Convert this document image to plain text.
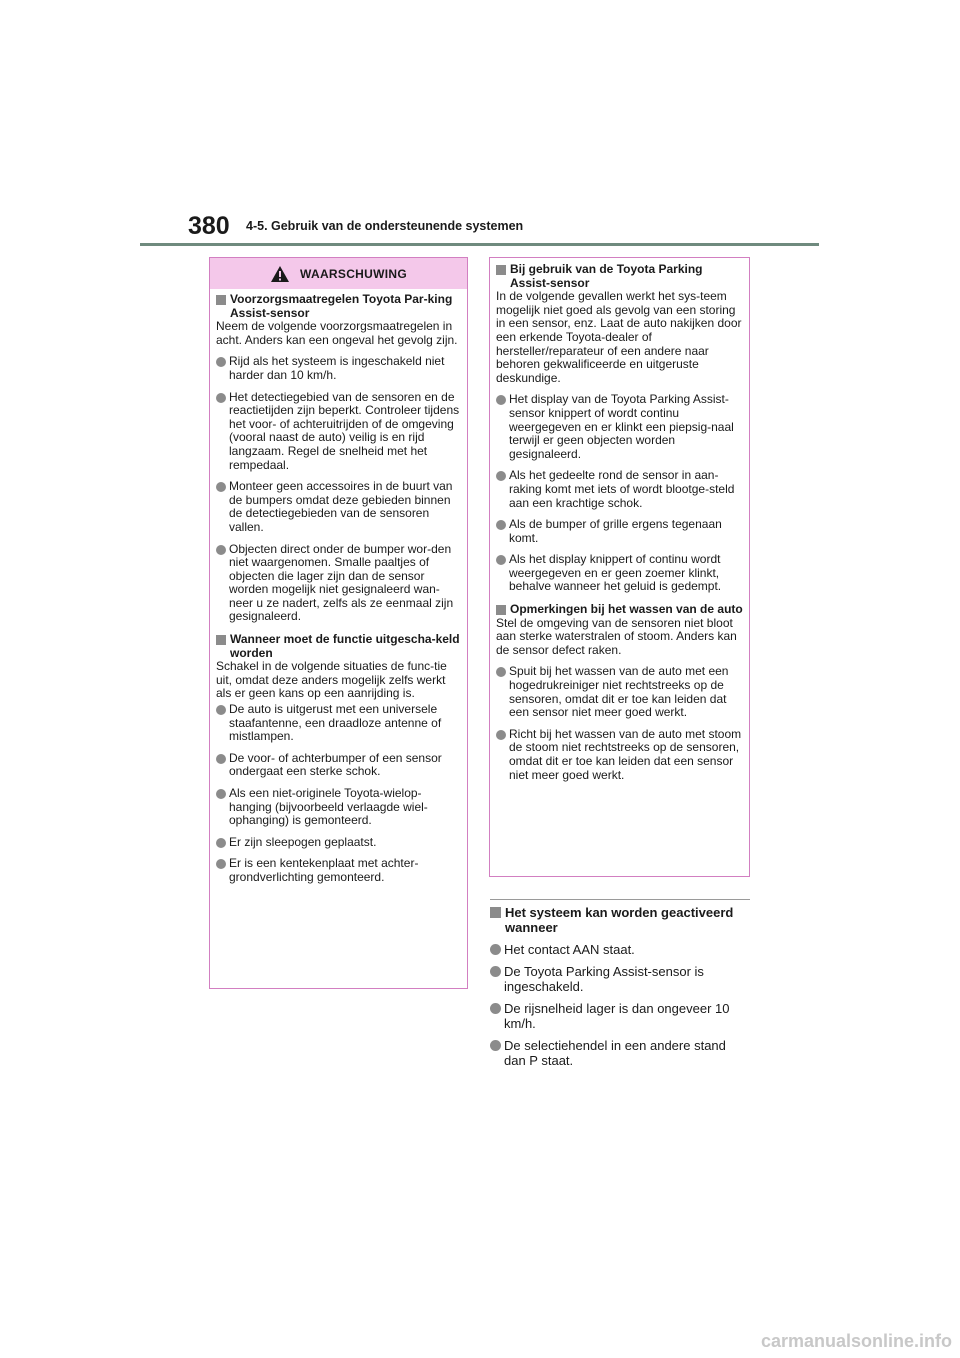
380 4-5. Gebruik van de ondersteunende systemen
WAARSCHUWING
Voorzorgsmaatregelen Toyota Par-king Assist-sensor
Neem de volgende voorzorgsmaatregelen in acht. Anders kan een ongeval het gevolg zijn.
Rijd als het systeem is ingeschakeld niet harder dan 10 km/h.
Het detectiegebied van de sensoren en de reactietijden zijn beperkt. Controleer tijdens het voor- of achteruitrijden of de omgeving (vooral naast de auto) veilig is en rijd langzaam. Regel de snelheid met het rempedaal.
Monteer geen accessoires in de buurt van de bumpers omdat deze gebieden binnen de detectiegebieden van de sensoren vallen.
Objecten direct onder de bumper wor-den niet waargenomen. Smalle paaltjes of objecten die lager zijn dan de sensor worden mogelijk niet gesignaleerd wan-neer u ze nadert, zelfs als ze eenmaal zijn gesignaleerd.
Wanneer moet de functie uitgescha-keld worden
Schakel in de volgende situaties de func-tie uit, omdat deze anders mogelijk zelfs werkt als er geen kans op een aanrijding is.
De auto is uitgerust met een universele staafantenne, een draadloze antenne of mistlampen.
De voor- of achterbumper of een sensor ondergaat een sterke schok.
Als een niet-originele Toyota-wielop-hanging (bijvoorbeeld verlaagde wiel-ophanging) is gemonteerd.
Er zijn sleepogen geplaatst.
Er is een kentekenplaat met achter-grondverlichting gemonteerd.
Bij gebruik van de Toyota Parking Assist-sensor
In de volgende gevallen werkt het sys-teem mogelijk niet goed als gevolg van een storing in een sensor, enz. Laat de auto nakijken door een erkende Toyota-dealer of hersteller/reparateur of een andere naar behoren gekwalificeerde en uitgeruste deskundige.
Het display van de Toyota Parking Assist-sensor knippert of wordt continu weergegeven en er klinkt een piepsig-naal terwijl er geen objecten worden gesignaleerd.
Als het gedeelte rond de sensor in aan-raking komt met iets of wordt blootge-steld aan een krachtige schok.
Als de bumper of grille ergens tegenaan komt.
Als het display knippert of continu wordt weergegeven en er geen zoemer klinkt, behalve wanneer het geluid is gedempt.
Opmerkingen bij het wassen van de auto
Stel de omgeving van de sensoren niet bloot aan sterke waterstralen of stoom. Anders kan de sensor defect raken.
Spuit bij het wassen van de auto met een hogedrukreiniger niet rechtstreeks op de sensoren, omdat dit er toe kan leiden dat een sensor niet meer goed werkt.
Richt bij het wassen van de auto met stoom de stoom niet rechtstreeks op de sensoren, omdat dit er toe kan leiden dat een sensor niet meer goed werkt.
Het systeem kan worden geactiveerd wanneer
Het contact AAN staat.
De Toyota Parking Assist-sensor is ingeschakeld.
De rijsnelheid lager is dan ongeveer 10 km/h.
De selectiehendel in een andere stand dan P staat.
carmanualsonline.info
